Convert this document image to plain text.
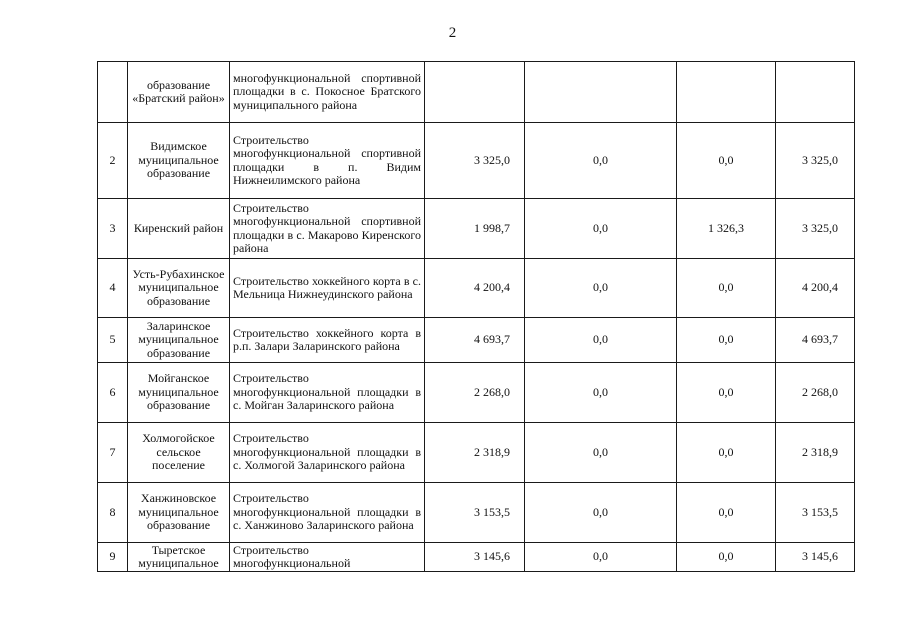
2
	образование «Братский район»	многофункциональной спортивной площадки в с. Покосное Братского муниципального района				
2	Видимское муниципальное образование	Строительство многофункциональной спортивной площадки в п. Видим Нижнеилимского района	3 325,0	0,0	0,0	3 325,0
3	Киренский район	Строительство многофункциональной спортивной площадки в с. Макарово Киренского района	1 998,7	0,0	1 326,3	3 325,0
4	Усть-Рубахинское муниципальное образование	Строительство хоккейного корта в с. Мельница Нижнеудинского района	4 200,4	0,0	0,0	4 200,4
5	Заларинское муниципальное образование	Строительство хоккейного корта в р.п. Залари Заларинского района	4 693,7	0,0	0,0	4 693,7
6	Мойганское муниципальное образование	Строительство многофункциональной площадки в с. Мойган Заларинского района	2 268,0	0,0	0,0	2 268,0
7	Холмогойское сельское поселение	Строительство многофункциональной площадки в с. Холмогой Заларинского района	2 318,9	0,0	0,0	2 318,9
8	Ханжиновское муниципальное образование	Строительство многофункциональной площадки в с. Ханжиново Заларинского района	3 153,5	0,0	0,0	3 153,5
9	Тыретское муниципальное	Строительство многофункциональной	3 145,6	0,0	0,0	3 145,6
